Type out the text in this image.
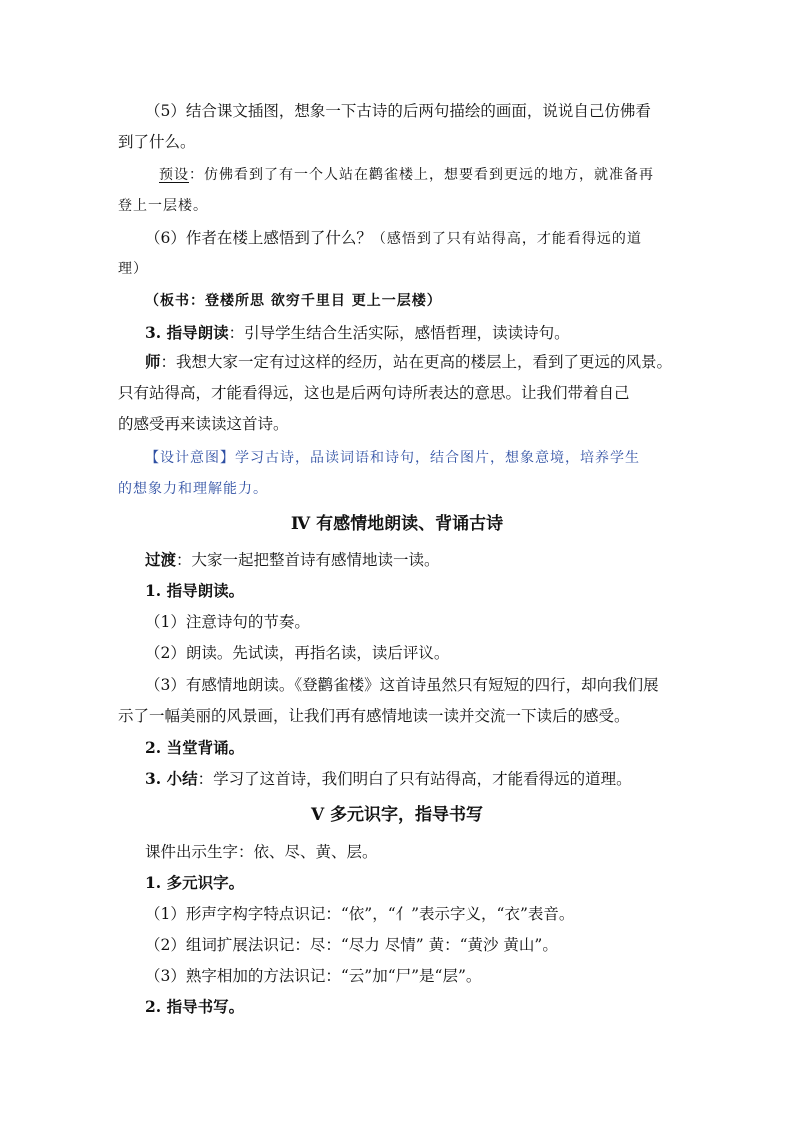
（5）结合课文插图，想象一下古诗的后两句描绘的画面，说说自己仿佛看
到了什么。
预设：仿佛看到了有一个人站在鹳雀楼上，想要看到更远的地方，就准备再
登上一层楼。
（6）作者在楼上感悟到了什么？（感悟到了只有站得高，才能看得远的道
理）
（板书：登楼所思 欲穷千里目 更上一层楼）
3. 指导朗读：引导学生结合生活实际，感悟哲理，读读诗句。
师：我想大家一定有过这样的经历，站在更高的楼层上，看到了更远的风景。
只有站得高，才能看得远，这也是后两句诗所表达的意思。让我们带着自己
的感受再来读读这首诗。
【设计意图】学习古诗，品读词语和诗句，结合图片，想象意境，培养学生
的想象力和理解能力。
Ⅳ 有感情地朗读、背诵古诗
过渡：大家一起把整首诗有感情地读一读。
1. 指导朗读。
（1）注意诗句的节奏。
（2）朗读。先试读，再指名读，读后评议。
（3）有感情地朗读。《登鹳雀楼》这首诗虽然只有短短的四行，却向我们展
示了一幅美丽的风景画，让我们再有感情地读一读并交流一下读后的感受。
2. 当堂背诵。
3. 小结：学习了这首诗，我们明白了只有站得高，才能看得远的道理。
Ⅴ 多元识字，指导书写
课件出示生字：依、尽、黄、层。
1. 多元识字。
（1）形声字构字特点识记：“依”，“亻”表示字义，“衣”表音。
（2）组词扩展法识记：尽：“尽力 尽情” 黄：“黄沙 黄山”。
（3）熟字相加的方法识记：“云”加“尸”是“层”。
2. 指导书写。
